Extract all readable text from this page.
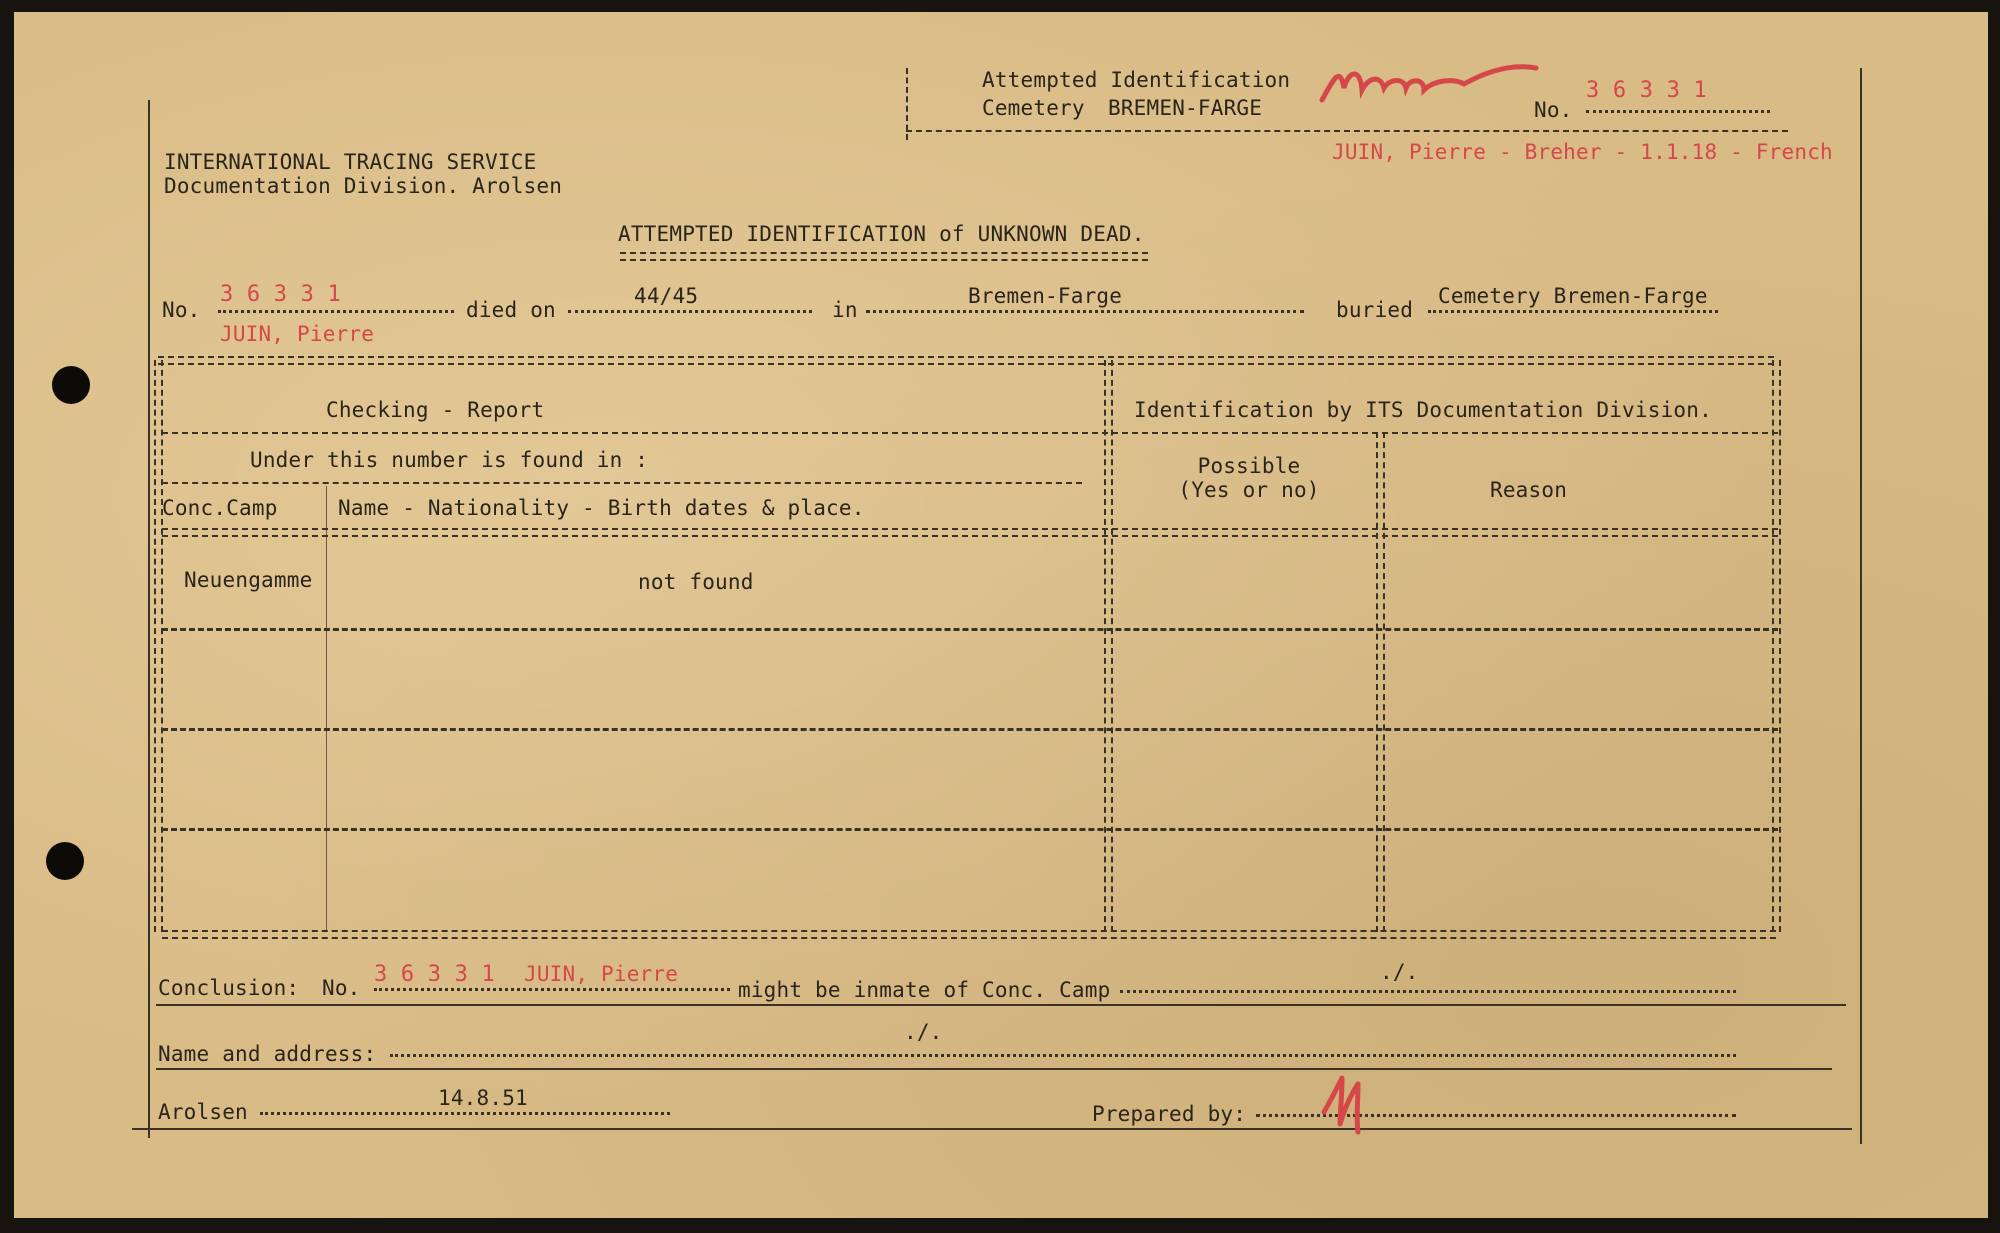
Attempted Identification
Cemetery BREMEN-FARGE	No.
3 6 3 3 1
JUIN, Pierre - Breher - 1.1.18 - French
INTERNATIONAL TRACING SERVICE
Documentation Division. Arolsen
ATTEMPTED IDENTIFICATION of UNKNOWN DEAD.
No.
3 6 3 3 1
died on
44/45
in
Bremen-Farge
buried
Cemetery Bremen-Farge
JUIN, Pierre
Checking - Report	Identification by ITS Documentation Division.
Under this number is found in :
Conc.Camp	Name - Nationality - Birth dates & place.
Possible
(Yes or no)	Reason
Neuengamme	not found
Conclusion: No.
3 6 3 3 1 JUIN, Pierre
might be inmate of Conc. Camp
./.
Name and address:
./.
Arolsen
14.8.51
Prepared by:
